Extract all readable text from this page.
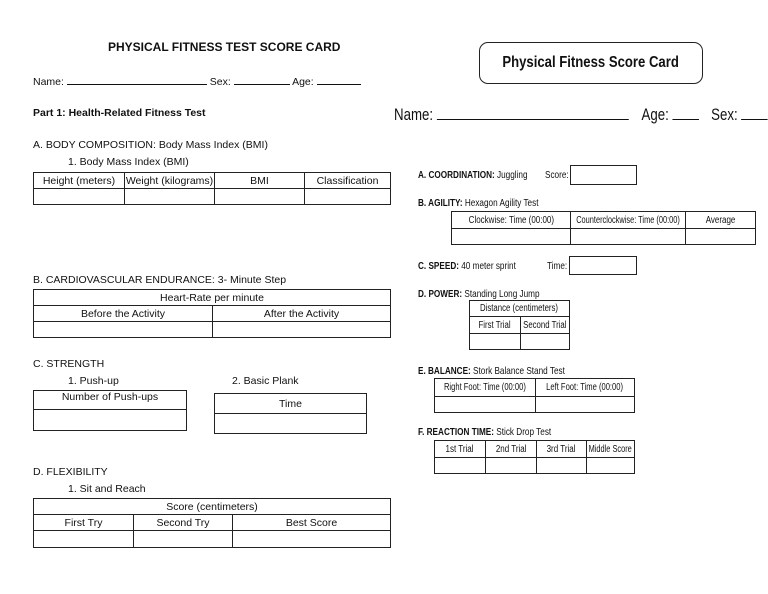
PHYSICAL FITNESS TEST SCORE CARD
Name:	Sex:	Age:
Part 1: Health-Related Fitness Test
A. BODY COMPOSITION: Body Mass Index (BMI)
1. Body Mass Index (BMI)
Height (meters)	Weight (kilograms)	BMI	Classification

B. CARDIOVASCULAR ENDURANCE: 3- Minute Step
Heart-Rate per minute	
Before the Activity	After the Activity

C. STRENGTH
1. Push-up	2. Basic Plank
Number of Push-ups

Time

D. FLEXIBILITY
1. Sit and Reach
Score (centimeters)		
First Try	Second Try	Best Score

Physical Fitness Score Card
Name:	Age: Sex:
A. COORDINATION: Juggling Score:
B. AGILITY: Hexagon Agility Test
Clockwise: Time (00:00)	Counterclockwise: Time (00:00)	Average

C. SPEED: 40 meter sprint	Time:
D. POWER: Standing Long Jump
Distance (centimeters)	
First Trial	Second Trial

E. BALANCE: Stork Balance Stand Test
Right Foot: Time (00:00)	Left Foot: Time (00:00)

F. REACTION TIME: Stick Drop Test
1st Trial	2nd Trial	3rd Trial	Middle Score
